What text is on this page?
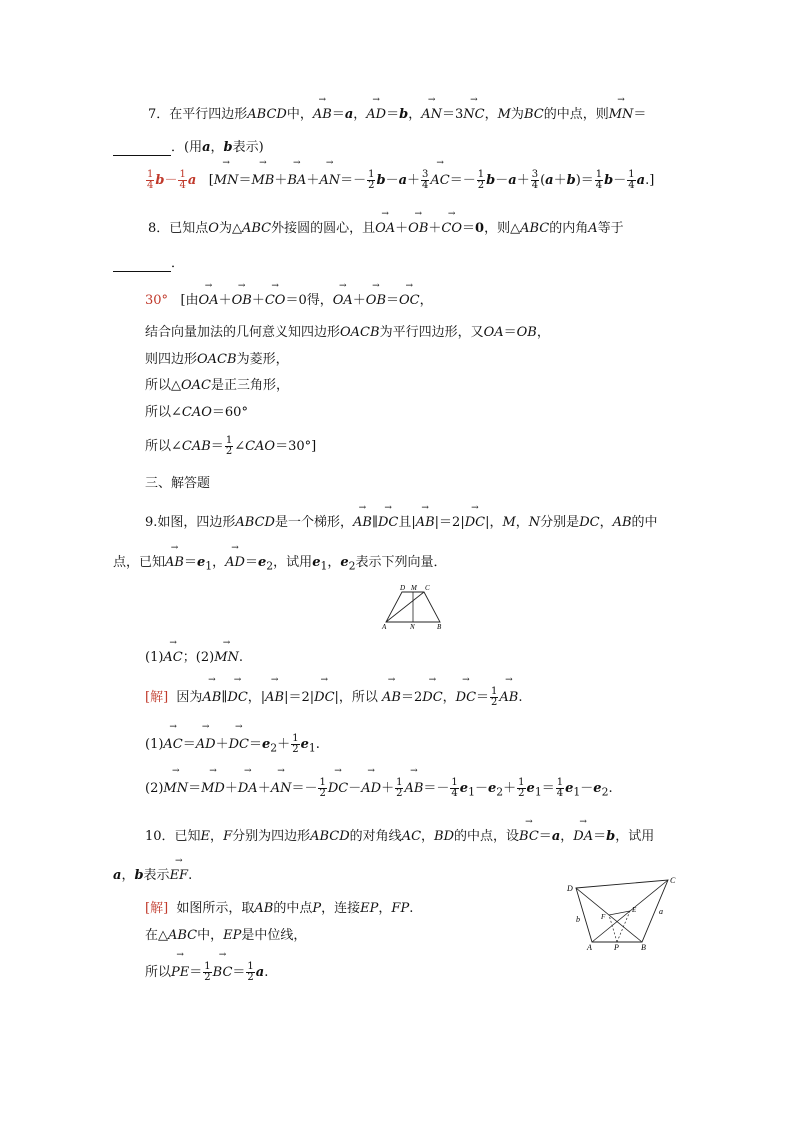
7．在平行四边形ABCD中，→ AB＝a，→ AD＝b，→ AN＝3→ NC，M为BC的中点，则→ MN＝
．(用a，b表示)
$\frac{1}{4} b- \frac{1}{4}$ a   [→ $MN=\to MB+\to BA+\to AN=- \frac{1}{2} b-a+ \frac{3}{4}$
→ $AC=- \frac{1}{2} b-a+ \frac{3}{4} (a+b)= \frac{1}{4} b- \frac{1}{4} a$.]
8．已知点O为△ABC外接圆的圆心，且→ OA＋→ OB＋→ CO＝0，则△ABC的内角A等于
．
30°   [由→ OA＋→ OB＋→ CO＝0得，→ OA＋→ OB＝→ OC，
结合向量加法的几何意义知四边形OACB为平行四边形，又OA＝OB，
则四边形OACB为菱形，
所以△OAC是正三角形，
所以∠CAO＝60°
所以∠CAB＝ $\frac{1}{2}$ ∠CAO＝30°]
三、解答题
9.如图，四边形ABCD是一个梯形，→ AB∥→ DC且|→ AB|＝2|→ DC|，M，N分别是DC，AB的中
点，已知→ $AB=e_1$，→ $AD=e_2$，试用$e_1$，$e_2$表示下列向量．
D M C
A	N	B
(1)→ AC；(2)→ MN.
[解]  因为→ AB∥→ DC，|→ AB|＝2|→ DC|，所以 → AB＝2→ DC，→ $DC= \frac{1}{2}$
→ AB.
$(1)\to AC=\to AD+\to DC=e_2+ \frac{1}{2} e_1$.
$(2)\to MN=\to MD+\to DA+\to AN=- \frac{1}{2}$
→ $DC-\to AD+ \frac{1}{2}$
→ $AB=- \frac{1}{4} e_1-e_2+ \frac{1}{2} e_1= \frac{1}{4} e_1-e_2$.
10．已知E，F分别为四边形ABCD的对角线AC，BD的中点，设→ BC＝a，→ DA＝b，试用
a，b表示→ EF.
D
C
F
E
b
a
A	P	B
[解]  如图所示，取AB的中点P，连接EP，FP.
在△ABC中，EP是中位线，
所以→ $PE= \frac{1}{2}$
→ $BC= \frac{1}{2} a$.
